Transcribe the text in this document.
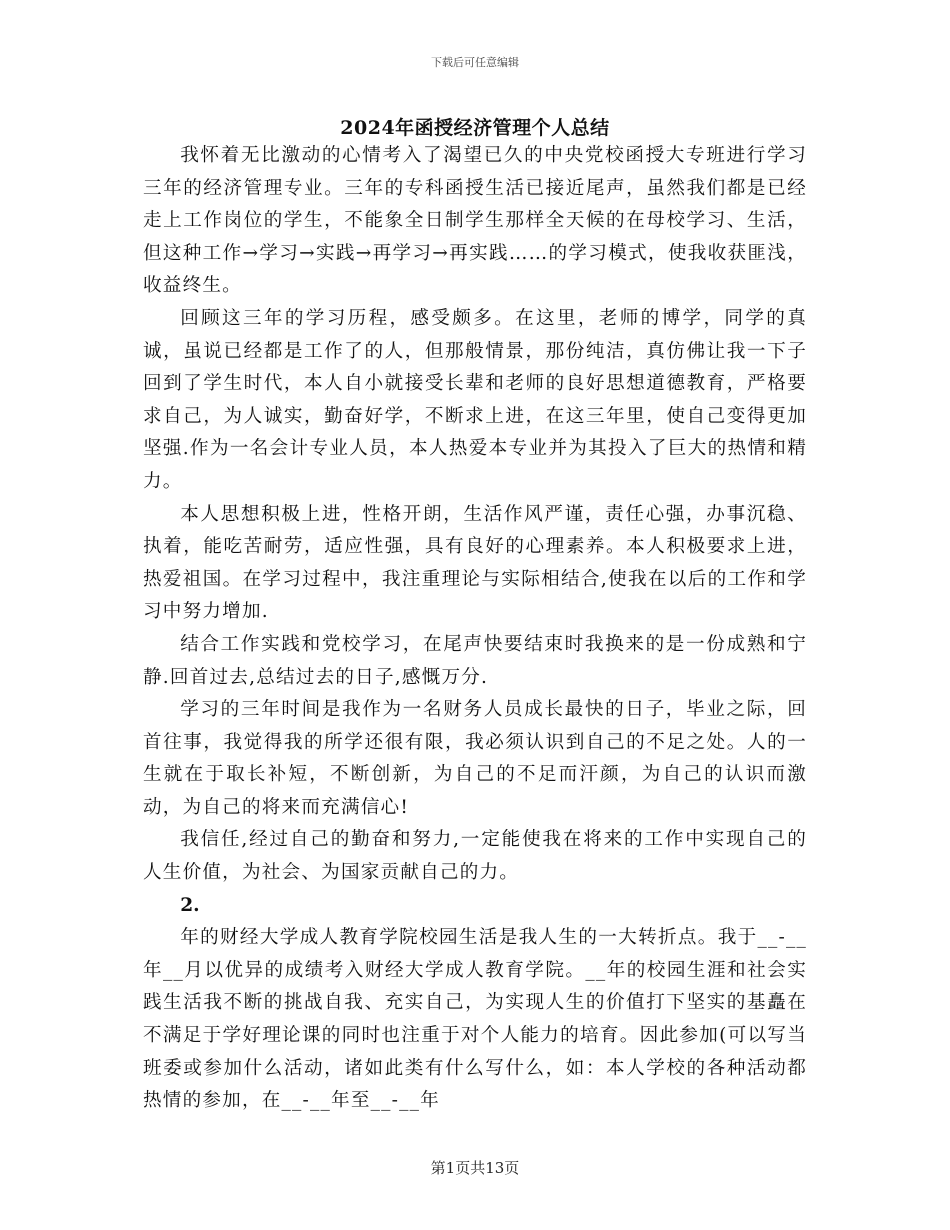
下载后可任意编辑
2024年函授经济管理个人总结

我怀着无比激动的心情考入了渴望已久的中央党校函授大专班进行学习三年的经济管理专业。三年的专科函授生活已接近尾声，虽然我们都是已经走上工作岗位的学生，不能象全日制学生那样全天候的在母校学习、生活，但这种工作→学习→实践→再学习→再实践……的学习模式，使我收获匪浅，收益终生。

回顾这三年的学习历程，感受颇多。在这里，老师的博学，同学的真诚，虽说已经都是工作了的人，但那般情景，那份纯洁，真仿佛让我一下子回到了学生时代，本人自小就接受长辈和老师的良好思想道德教育，严格要求自己，为人诚实，勤奋好学，不断求上进，在这三年里，使自己变得更加坚强.作为一名会计专业人员，本人热爱本专业并为其投入了巨大的热情和精力。

本人思想积极上进，性格开朗，生活作风严谨，责任心强，办事沉稳、执着，能吃苦耐劳，适应性强，具有良好的心理素养。本人积极要求上进，热爱祖国。在学习过程中，我注重理论与实际相结合,使我在以后的工作和学习中努力增加.

结合工作实践和党校学习，在尾声快要结束时我换来的是一份成熟和宁静.回首过去,总结过去的日子,感慨万分.

学习的三年时间是我作为一名财务人员成长最快的日子，毕业之际，回首往事，我觉得我的所学还很有限，我必须认识到自己的不足之处。人的一生就在于取长补短，不断创新，为自己的不足而汗颜，为自己的认识而激动，为自己的将来而充满信心!

我信任,经过自己的勤奋和努力,一定能使我在将来的工作中实现自己的人生价值，为社会、为国家贡献自己的力。

2.

年的财经大学成人教育学院校园生活是我人生的一大转折点。我于__-__年__月以优异的成绩考入财经大学成人教育学院。__年的校园生涯和社会实践生活我不断的挑战自我、充实自己，为实现人生的价值打下坚实的基矗在不满足于学好理论课的同时也注重于对个人能力的培育。因此参加(可以写当班委或参加什么活动，诸如此类有什么写什么，如：本人学校的各种活动都热情的参加，在__-__年至__-__年

第1页共13页
